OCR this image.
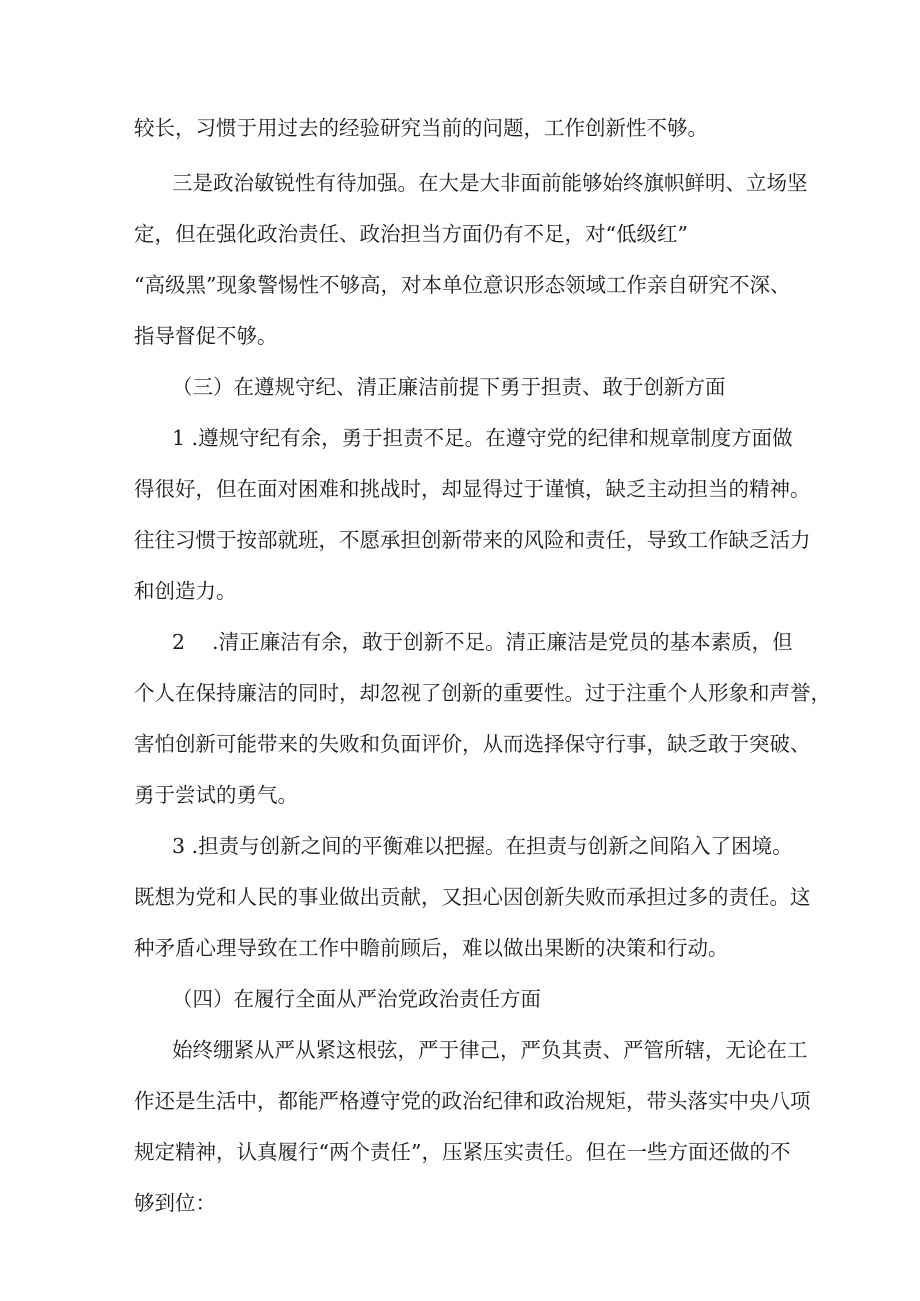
较长，习惯于用过去的经验研究当前的问题，工作创新性不够。

三是政治敏锐性有待加强。在大是大非面前能够始终旗帜鲜明、立场坚

定，但在强化政治责任、政治担当方面仍有不足，对“低级红”

“高级黑”现象警惕性不够高，对本单位意识形态领域工作亲自研究不深、

指导督促不够。

（三）在遵规守纪、清正廉洁前提下勇于担责、敢于创新方面

1 .遵规守纪有余，勇于担责不足。在遵守党的纪律和规章制度方面做

得很好，但在面对困难和挑战时，却显得过于谨慎，缺乏主动担当的精神。

往往习惯于按部就班，不愿承担创新带来的风险和责任，导致工作缺乏活力

和创造力。

2　 .清正廉洁有余，敢于创新不足。清正廉洁是党员的基本素质，但

个人在保持廉洁的同时，却忽视了创新的重要性。过于注重个人形象和声誉，

害怕创新可能带来的失败和负面评价，从而选择保守行事，缺乏敢于突破、

勇于尝试的勇气。

3 .担责与创新之间的平衡难以把握。在担责与创新之间陷入了困境。

既想为党和人民的事业做出贡献，又担心因创新失败而承担过多的责任。这

种矛盾心理导致在工作中瞻前顾后，难以做出果断的决策和行动。

（四）在履行全面从严治党政治责任方面

始终绷紧从严从紧这根弦，严于律己，严负其责、严管所辖，无论在工

作还是生活中，都能严格遵守党的政治纪律和政治规矩，带头落实中央八项

规定精神，认真履行“两个责任”，压紧压实责任。但在一些方面还做的不

够到位：
